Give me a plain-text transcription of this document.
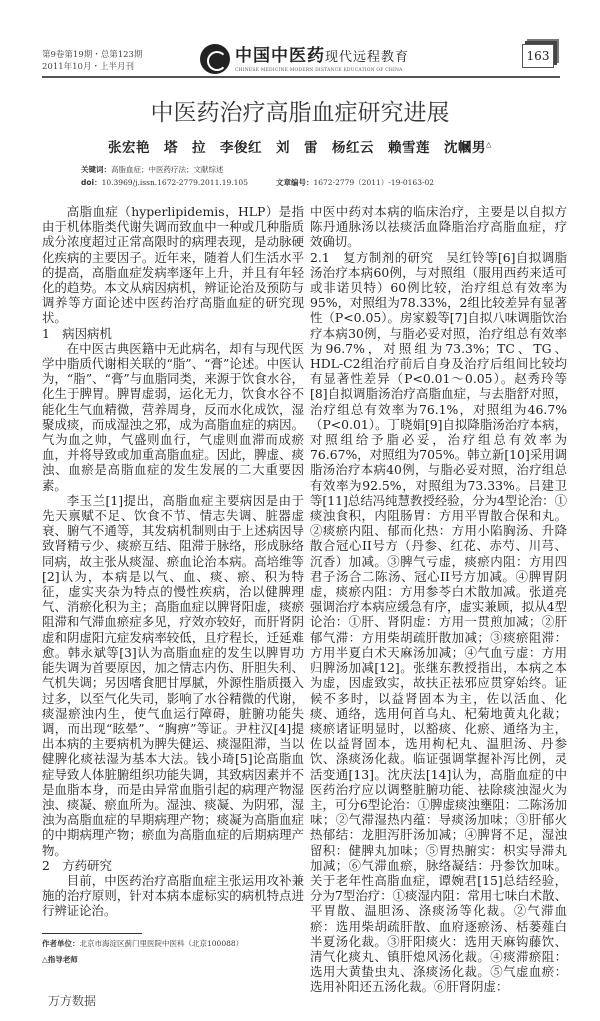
第9卷第19期・总第123期
2011年10月・上半月刊
中国中医药现代远程教育
CHINESE MEDICINE MODERN DISTANCE EDUCATION OF CHINA
163
中医药治疗高脂血症研究进展
张宏艳　塔　拉　李俊红　刘　雷　杨红云　赖雪莲　沈幗男△
关键词：高脂血症；中医药疗法；文献综述
doi：10.3969/j.issn.1672-2779.2011.19.105	文章编号：1672-2779（2011）-19-0163-02

高脂血症（hyperlipidemis，HLP）是指由于机体脂类代谢失调而致血中一种或几种脂质成分浓度超过正常高限时的病理表现，是动脉硬化疾病的主要因子。近年来，随着人们生活水平的提高，高脂血症发病率逐年上升，并且有年轻化的趋势。本文从病因病机，辨证论治及预防与调养等方面论述中医药治疗高脂血症的研究现状。

1　病因病机

在中医古典医籍中无此病名，却有与现代医学中脂质代谢相关联的“脂”、“膏”论述。中医认为，“脂”、“膏”与血脂同类，来源于饮食水谷，化生于脾胃。脾胃虚弱，运化无力，饮食水谷不能化生气血精微，营养周身，反而水化成饮，湿聚成痰，而成湿浊之邪，成为高脂血症的病因。气为血之帅，气盛则血行，气虚则血滞而成瘀血，并将导致或加重高脂血症。因此，脾虚、痰浊、血瘀是高脂血症的发生发展的二大重要因素。

李玉兰[1]提出，高脂血症主要病因是由于先天禀赋不足、饮食不节、情志失调、脏器虚衰、腑气不通等，其发病机制则由于上述病因导致肾精亏少、痰瘀互结、阻滞于脉络，形成脉络同病，故主张从痰湿、瘀血论治本病。高培维等[2]认为，本病是以气、血、痰、瘀、积为特征，虚实夹杂为特点的慢性疾病，治以健脾理气、消瘀化积为主；高脂血症以脾肾阳虚，痰瘀阻滞和气滞血瘀症多见，疗效亦较好，而肝肾阴虚和阴虚阳亢症发病率较低，且疗程长，迁延难愈。韩永斌等[3]认为高脂血症的发生以脾胃功能失调为首要原因，加之情志内伤、肝胆失利、气机失调；另因嗜食肥甘厚腻，外源性脂质摄入过多，以至气化失司，影响了水谷精微的代谢，痰湿瘀浊内生，使气血运行障碍，脏腑功能失调，而出现“眩晕”、“胸痹”等证。尹柱汉[4]提出本病的主要病机为脾失健运、痰湿阻滞，当以健脾化痰祛湿为基本大法。钱小琦[5]论高脂血症导致人体脏腑组织功能失调，其致病因素并不是血脂本身，而是由异常血脂引起的病理产物湿浊、痰凝、瘀血所为。湿浊、痰凝、为阴邪，湿浊为高脂血症的早期病理产物；痰凝为高脂血症的中期病理产物；瘀血为高脂血症的后期病理产物。

2　方药研究

目前，中医药治疗高脂血症主张运用攻补兼施的治疗原则，针对本病本虚标实的病机特点进行辨证论治。

作者单位：北京市海淀区蓟门里医院中医科（北京100088）
△指导老师
万方数据

中医中药对本病的临床治疗，主要是以自拟方陈丹通脉汤以祛痰活血降脂治疗高脂血症，疗效确切。

2.1　复方制剂的研究　吴红铃等[6]自拟调脂汤治疗本病60例，与对照组（服用西药来适可或非诺贝特）60例比较，治疗组总有效率为95%，对照组为78.33%，2组比较差异有显著性（P<0.05）。房家毅等[7]自拟八味调脂饮治疗本病30例，与脂必妥对照，治疗组总有效率为96.7%，对照组为73.3%；TC、TG、HDL-C2组治疗前后自身及治疗后组间比较均有显著性差异（P<0.01～0.05）。赵秀玲等[8]自拟调脂汤治疗高脂血症，与去脂舒对照，治疗组总有效率为76.1%，对照组为46.7%（P<0.01）。丁晓娟[9]自拟降脂汤治疗本病，对照组给予脂必妥，治疗组总有效率为76.67%，对照组为705%。韩立新[10]采用调脂汤治疗本病40例，与脂必妥对照，治疗组总有效率为92.5%，对照组为73.33%。吕建卫等[11]总结冯纯慧教授经验，分为4型论治：①痰浊食积，内阻肠胃：方用平胃散合保和丸。②痰瘀内阻、郁而化热：方用小陷胸汤、升降散合冠心II号方（丹参、红花、赤芍、川芎、沉香）加减。③脾气亏虚，痰瘀内阻：方用四君子汤合二陈汤、冠心II号方加减。④脾胃阴虚，痰瘀内阻：方用参苓白术散加减。张道亮强调治疗本病应缓急有序，虚实兼顾，拟从4型论治：①肝、肾阴虚：方用一贯煎加减；②肝郁气滞：方用柴胡疏肝散加减；③痰瘀阻滞：方用半夏白术天麻汤加减；④气血亏虚：方用归脾汤加减[12]。张继东教授指出，本病之本为虚，因虚致实，故扶正祛邪应贯穿始终。证候不多时，以益肾固本为主，佐以活血、化痰、通络，选用何首乌丸、杞菊地黄丸化裁；痰瘀诸证明显时，以豁痰、化瘀、通络为主，佐以益肾固本，选用枸杞丸、温胆汤、丹参饮、涤痰汤化裁。临证强调掌握补泻比例，灵活变通[13]。沈庆法[14]认为，高脂血症的中医药治疗应以调整脏腑功能、祛除痰浊湿火为主，可分6型论治：①脾虚痰浊壅阻：二陈汤加味；②气滞湿热内蕴：导痰汤加味；③肝郁火热郁结：龙胆泻肝汤加减；④脾肾不足，湿浊留积：健脾丸加味；⑤胃热腑实：枳实导滞丸加减；⑥气滞血瘀，脉络凝结：丹参饮加味。关于老年性高脂血症，谭婉君[15]总结经验，分为7型治疗：①痰湿内阻：常用七味白术散、平胃散、温胆汤、涤痰汤等化裁。②气滞血瘀：选用柴胡疏肝散、血府逐瘀汤、栝蒌薤白半夏汤化裁。③肝阳痰火：选用天麻钩藤饮、清气化痰丸、镇肝熄风汤化裁。④痰滞瘀阻：选用大黄蛰虫丸、涤痰汤化裁。⑤气虚血瘀：选用补阳还五汤化裁。⑥肝肾阴虚：
